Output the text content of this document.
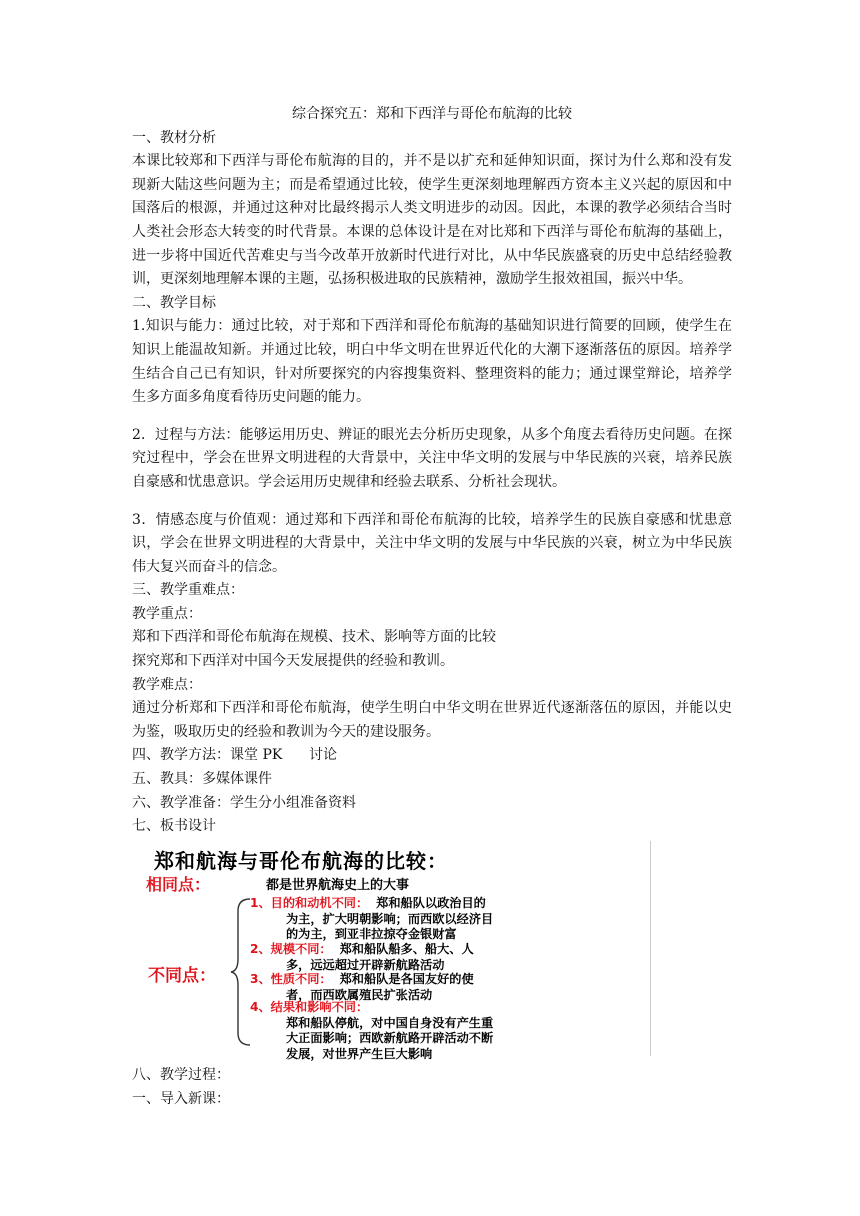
综合探究五：郑和下西洋与哥伦布航海的比较
一、教材分析
本课比较郑和下西洋与哥伦布航海的目的，并不是以扩充和延伸知识面，探讨为什么郑和没有发现新大陆这些问题为主；而是希望通过比较，使学生更深刻地理解西方资本主义兴起的原因和中国落后的根源，并通过这种对比最终揭示人类文明进步的动因。因此，本课的教学必须结合当时人类社会形态大转变的时代背景。本课的总体设计是在对比郑和下西洋与哥伦布航海的基础上，进一步将中国近代苦难史与当今改革开放新时代进行对比，从中华民族盛衰的历史中总结经验教训，更深刻地理解本课的主题，弘扬积极进取的民族精神，激励学生报效祖国，振兴中华。
二、教学目标
1.知识与能力：通过比较，对于郑和下西洋和哥伦布航海的基础知识进行简要的回顾，使学生在知识上能温故知新。并通过比较，明白中华文明在世界近代化的大潮下逐渐落伍的原因。培养学生结合自己已有知识，针对所要探究的内容搜集资料、整理资料的能力；通过课堂辩论，培养学生多方面多角度看待历史问题的能力。
2．过程与方法：能够运用历史、辨证的眼光去分析历史现象，从多个角度去看待历史问题。在探究过程中，学会在世界文明进程的大背景中，关注中华文明的发展与中华民族的兴衰，培养民族自豪感和忧患意识。学会运用历史规律和经验去联系、分析社会现状。
3．情感态度与价值观：通过郑和下西洋和哥伦布航海的比较，培养学生的民族自豪感和忧患意识，学会在世界文明进程的大背景中，关注中华文明的发展与中华民族的兴衰，树立为中华民族伟大复兴而奋斗的信念。
三、教学重难点：
教学重点：
郑和下西洋和哥伦布航海在规模、技术、影响等方面的比较
探究郑和下西洋对中国今天发展提供的经验和教训。
教学难点：
通过分析郑和下西洋和哥伦布航海，使学生明白中华文明在世界近代逐渐落伍的原因，并能以史为鉴，吸取历史的经验和教训为今天的建设服务。
四、教学方法：课堂 PK      讨论
五、教具：多媒体课件
六、教学准备：学生分小组准备资料
七、板书设计
郑和航海与哥伦布航海的比较：
相同点：	都是世界航海史上的大事
不同点：
1、目的和动机不同： 郑和船队以政治目的
为主，扩大明朝影响；而西欧以经济目
的为主，到亚非拉掠夺金银财富
2、规模不同： 郑和船队船多、船大、人
多，远远超过开辟新航路活动
3、性质不同： 郑和船队是各国友好的使
者，而西欧属殖民扩张活动
4、结果和影响不同：
郑和船队停航，对中国自身没有产生重
大正面影响；西欧新航路开辟活动不断
发展，对世界产生巨大影响
八、教学过程：
一、导入新课：
